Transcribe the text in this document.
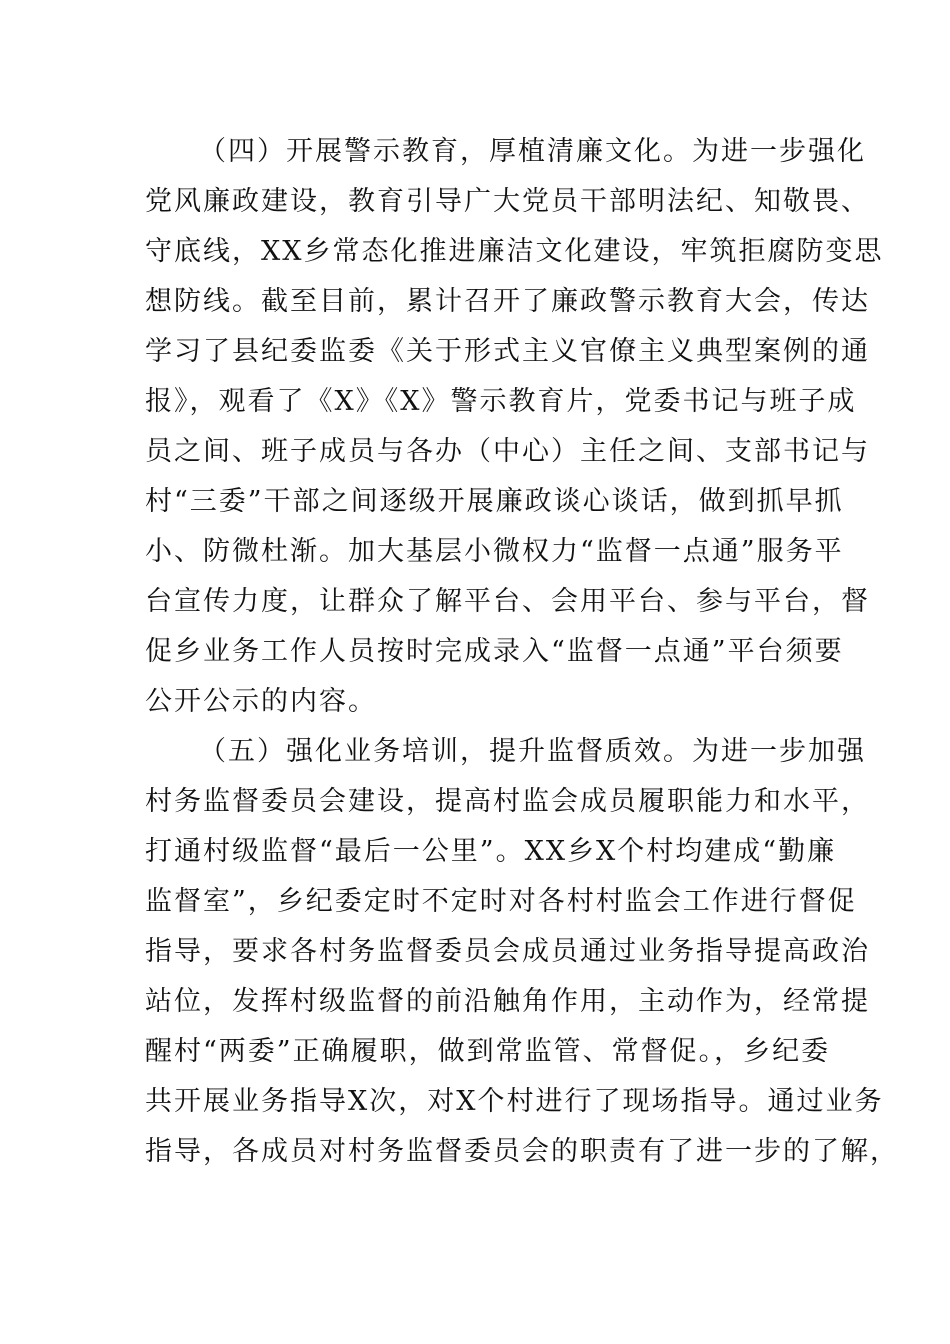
（四）开展警示教育，厚植清廉文化。为进一步强化
党风廉政建设，教育引导广大党员干部明法纪、知敬畏、
守底线，XX乡常态化推进廉洁文化建设，牢筑拒腐防变思
想防线。截至目前，累计召开了廉政警示教育大会，传达
学习了县纪委监委《关于形式主义官僚主义典型案例的通
报》，观看了《X》《X》警示教育片，党委书记与班子成
员之间、班子成员与各办（中心）主任之间、支部书记与
村“三委”干部之间逐级开展廉政谈心谈话，做到抓早抓
小、防微杜渐。加大基层小微权力“监督一点通”服务平
台宣传力度，让群众了解平台、会用平台、参与平台，督
促乡业务工作人员按时完成录入“监督一点通”平台须要
公开公示的内容。
（五）强化业务培训，提升监督质效。为进一步加强
村务监督委员会建设，提高村监会成员履职能力和水平，
打通村级监督“最后一公里”。XX乡X个村均建成“勤廉
监督室”，乡纪委定时不定时对各村村监会工作进行督促
指导，要求各村务监督委员会成员通过业务指导提高政治
站位，发挥村级监督的前沿触角作用，主动作为，经常提
醒村“两委”正确履职，做到常监管、常督促。，乡纪委
共开展业务指导X次，对X个村进行了现场指导。通过业务
指导，各成员对村务监督委员会的职责有了进一步的了解，
